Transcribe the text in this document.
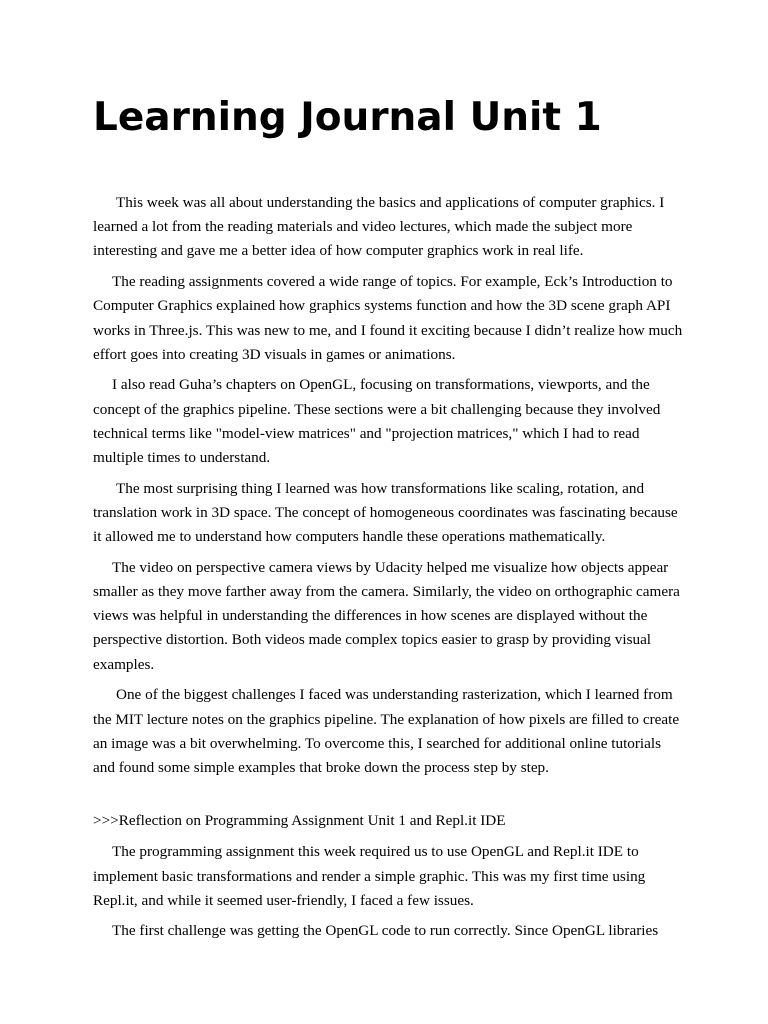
Learning Journal Unit 1

This week was all about understanding the basics and applications of computer graphics. I learned a lot from the reading materials and video lectures, which made the subject more interesting and gave me a better idea of how computer graphics work in real life.

The reading assignments covered a wide range of topics. For example, Eck’s Introduction to Computer Graphics explained how graphics systems function and how the 3D scene graph API works in Three.js. This was new to me, and I found it exciting because I didn’t realize how much effort goes into creating 3D visuals in games or animations.

I also read Guha’s chapters on OpenGL, focusing on transformations, viewports, and the concept of the graphics pipeline. These sections were a bit challenging because they involved technical terms like "model-view matrices" and "projection matrices," which I had to read multiple times to understand.

The most surprising thing I learned was how transformations like scaling, rotation, and translation work in 3D space. The concept of homogeneous coordinates was fascinating because it allowed me to understand how computers handle these operations mathematically.

The video on perspective camera views by Udacity helped me visualize how objects appear smaller as they move farther away from the camera. Similarly, the video on orthographic camera views was helpful in understanding the differences in how scenes are displayed without the perspective distortion. Both videos made complex topics easier to grasp by providing visual examples.

One of the biggest challenges I faced was understanding rasterization, which I learned from the MIT lecture notes on the graphics pipeline. The explanation of how pixels are filled to create an image was a bit overwhelming. To overcome this, I searched for additional online tutorials and found some simple examples that broke down the process step by step.

>>>Reflection on Programming Assignment Unit 1 and Repl.it IDE

The programming assignment this week required us to use OpenGL and Repl.it IDE to implement basic transformations and render a simple graphic. This was my first time using Repl.it, and while it seemed user-friendly, I faced a few issues.

The first challenge was getting the OpenGL code to run correctly. Since OpenGL libraries
